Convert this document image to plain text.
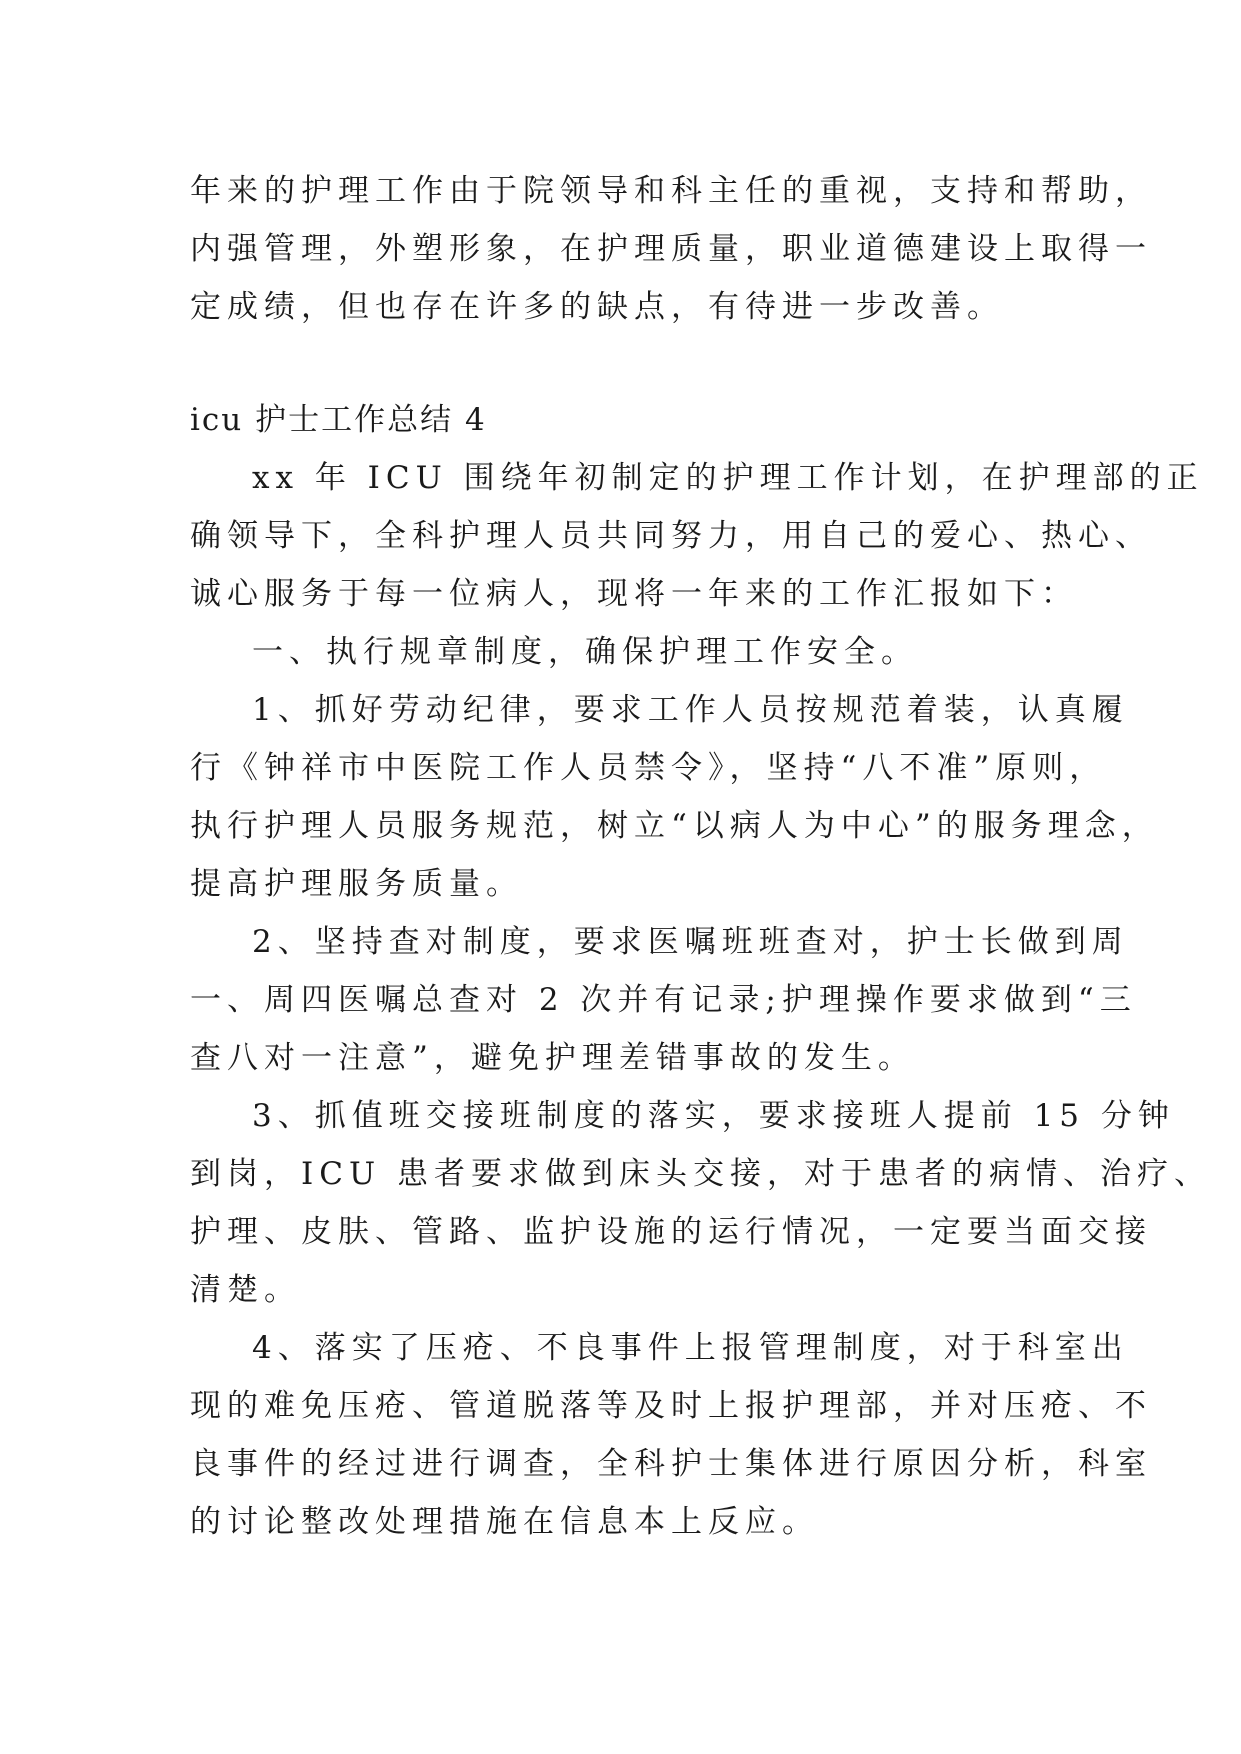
年来的护理工作由于院领导和科主任的重视，支持和帮助，
内强管理，外塑形象，在护理质量，职业道德建设上取得一
定成绩，但也存在许多的缺点，有待进一步改善。
icu 护士工作总结 4
xx 年 ICU 围绕年初制定的护理工作计划，在护理部的正
确领导下，全科护理人员共同努力，用自己的爱心、热心、
诚心服务于每一位病人，现将一年来的工作汇报如下：
一、执行规章制度，确保护理工作安全。
1、抓好劳动纪律，要求工作人员按规范着装，认真履
行《钟祥市中医院工作人员禁令》，坚持“八不准”原则，
执行护理人员服务规范，树立“以病人为中心”的服务理念，
提高护理服务质量。
2、坚持查对制度，要求医嘱班班查对，护士长做到周
一、周四医嘱总查对 2 次并有记录;护理操作要求做到“三
查八对一注意”，避免护理差错事故的发生。
3、抓值班交接班制度的落实，要求接班人提前 15 分钟
到岗，ICU 患者要求做到床头交接，对于患者的病情、治疗、
护理、皮肤、管路、监护设施的运行情况，一定要当面交接
清楚。
4、落实了压疮、不良事件上报管理制度，对于科室出
现的难免压疮、管道脱落等及时上报护理部，并对压疮、不
良事件的经过进行调查，全科护士集体进行原因分析，科室
的讨论整改处理措施在信息本上反应。
